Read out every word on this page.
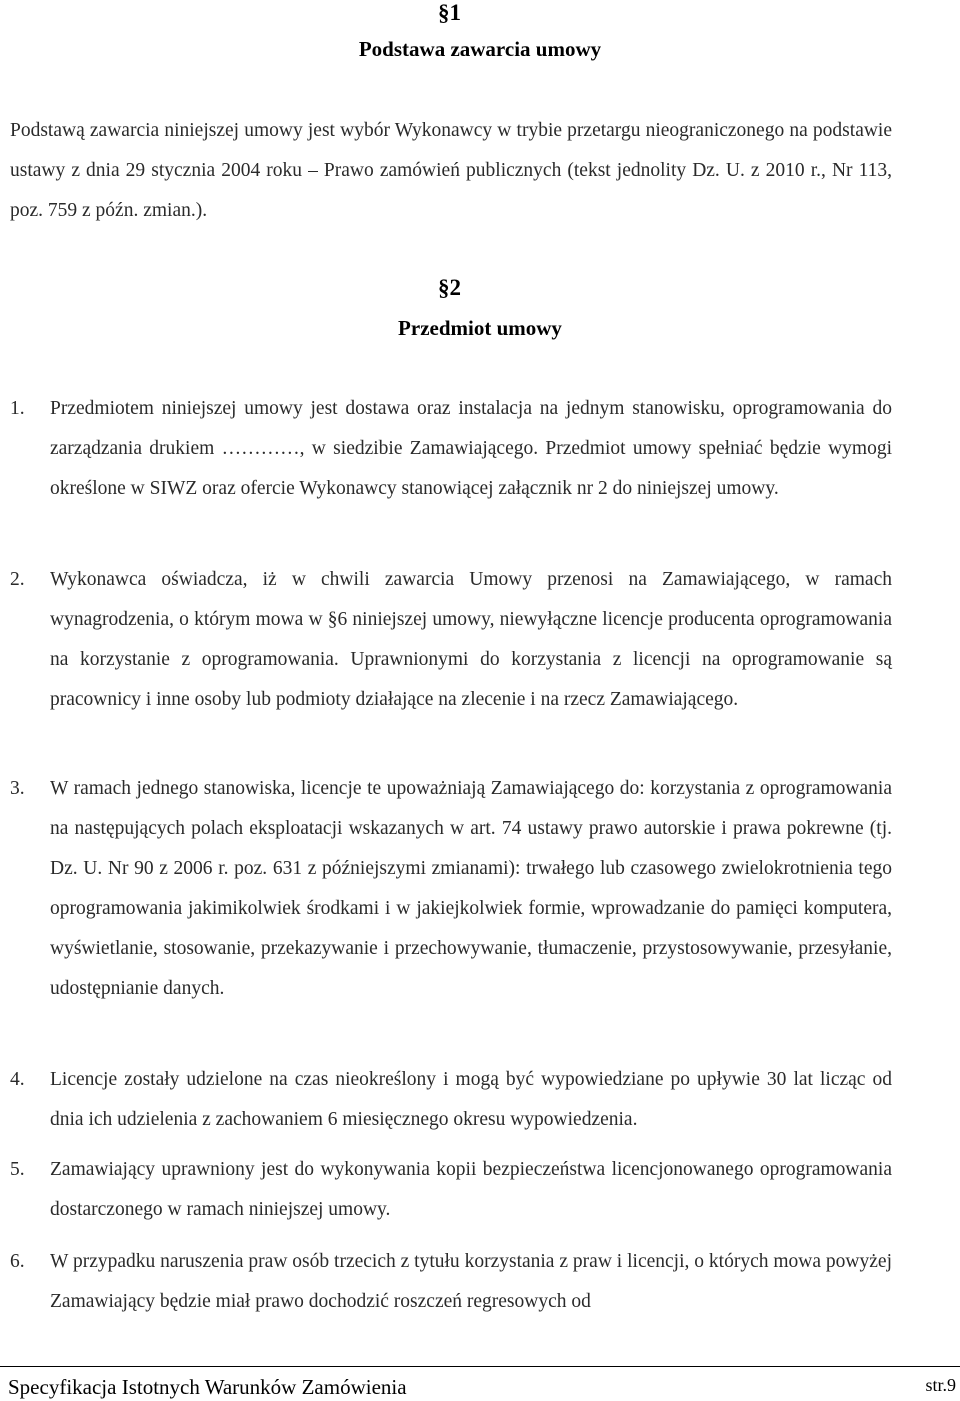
§1
Podstawa zawarcia umowy

Podstawą zawarcia niniejszej umowy jest wybór Wykonawcy w trybie przetargu nieograniczonego na podstawie ustawy z dnia 29 stycznia 2004 roku – Prawo zamówień publicznych (tekst jednolity Dz. U. z 2010 r., Nr 113, poz. 759 z późn. zmian.).

§2
Przedmiot umowy
1. Przedmiotem niniejszej umowy jest dostawa oraz instalacja na jednym stanowisku, oprogramowania do zarządzania drukiem …………, w siedzibie Zamawiającego. Przedmiot umowy spełniać będzie wymogi określone w SIWZ oraz ofercie Wykonawcy stanowiącej załącznik nr 2 do niniejszej umowy.
2. Wykonawca oświadcza, iż w chwili zawarcia Umowy przenosi na Zamawiającego, w ramach wynagrodzenia, o którym mowa w §6 niniejszej umowy, niewyłączne licencje producenta oprogramowania na korzystanie z oprogramowania. Uprawnionymi do korzystania z licencji na oprogramowanie są pracownicy i inne osoby lub podmioty działające na zlecenie i na rzecz Zamawiającego.
3. W ramach jednego stanowiska, licencje te upoważniają Zamawiającego do: korzystania z oprogramowania na następujących polach eksploatacji wskazanych w art. 74 ustawy prawo autorskie i prawa pokrewne (tj. Dz. U. Nr 90 z 2006 r. poz. 631 z późniejszymi zmianami): trwałego lub czasowego zwielokrotnienia tego oprogramowania jakimikolwiek środkami i w jakiejkolwiek formie, wprowadzanie do pamięci komputera, wyświetlanie, stosowanie, przekazywanie i przechowywanie, tłumaczenie, przystosowywanie, przesyłanie, udostępnianie danych.
4. Licencje zostały udzielone na czas nieokreślony i mogą być wypowiedziane po upływie 30 lat licząc od dnia ich udzielenia z zachowaniem 6 miesięcznego okresu wypowiedzenia.
5. Zamawiający uprawniony jest do wykonywania kopii bezpieczeństwa licencjonowanego oprogramowania dostarczonego w ramach niniejszej umowy.
6. W przypadku naruszenia praw osób trzecich z tytułu korzystania z praw i licencji, o których mowa powyżej Zamawiający będzie miał prawo dochodzić roszczeń regresowych od
Specyfikacja Istotnych Warunków Zamówienia	str.9
